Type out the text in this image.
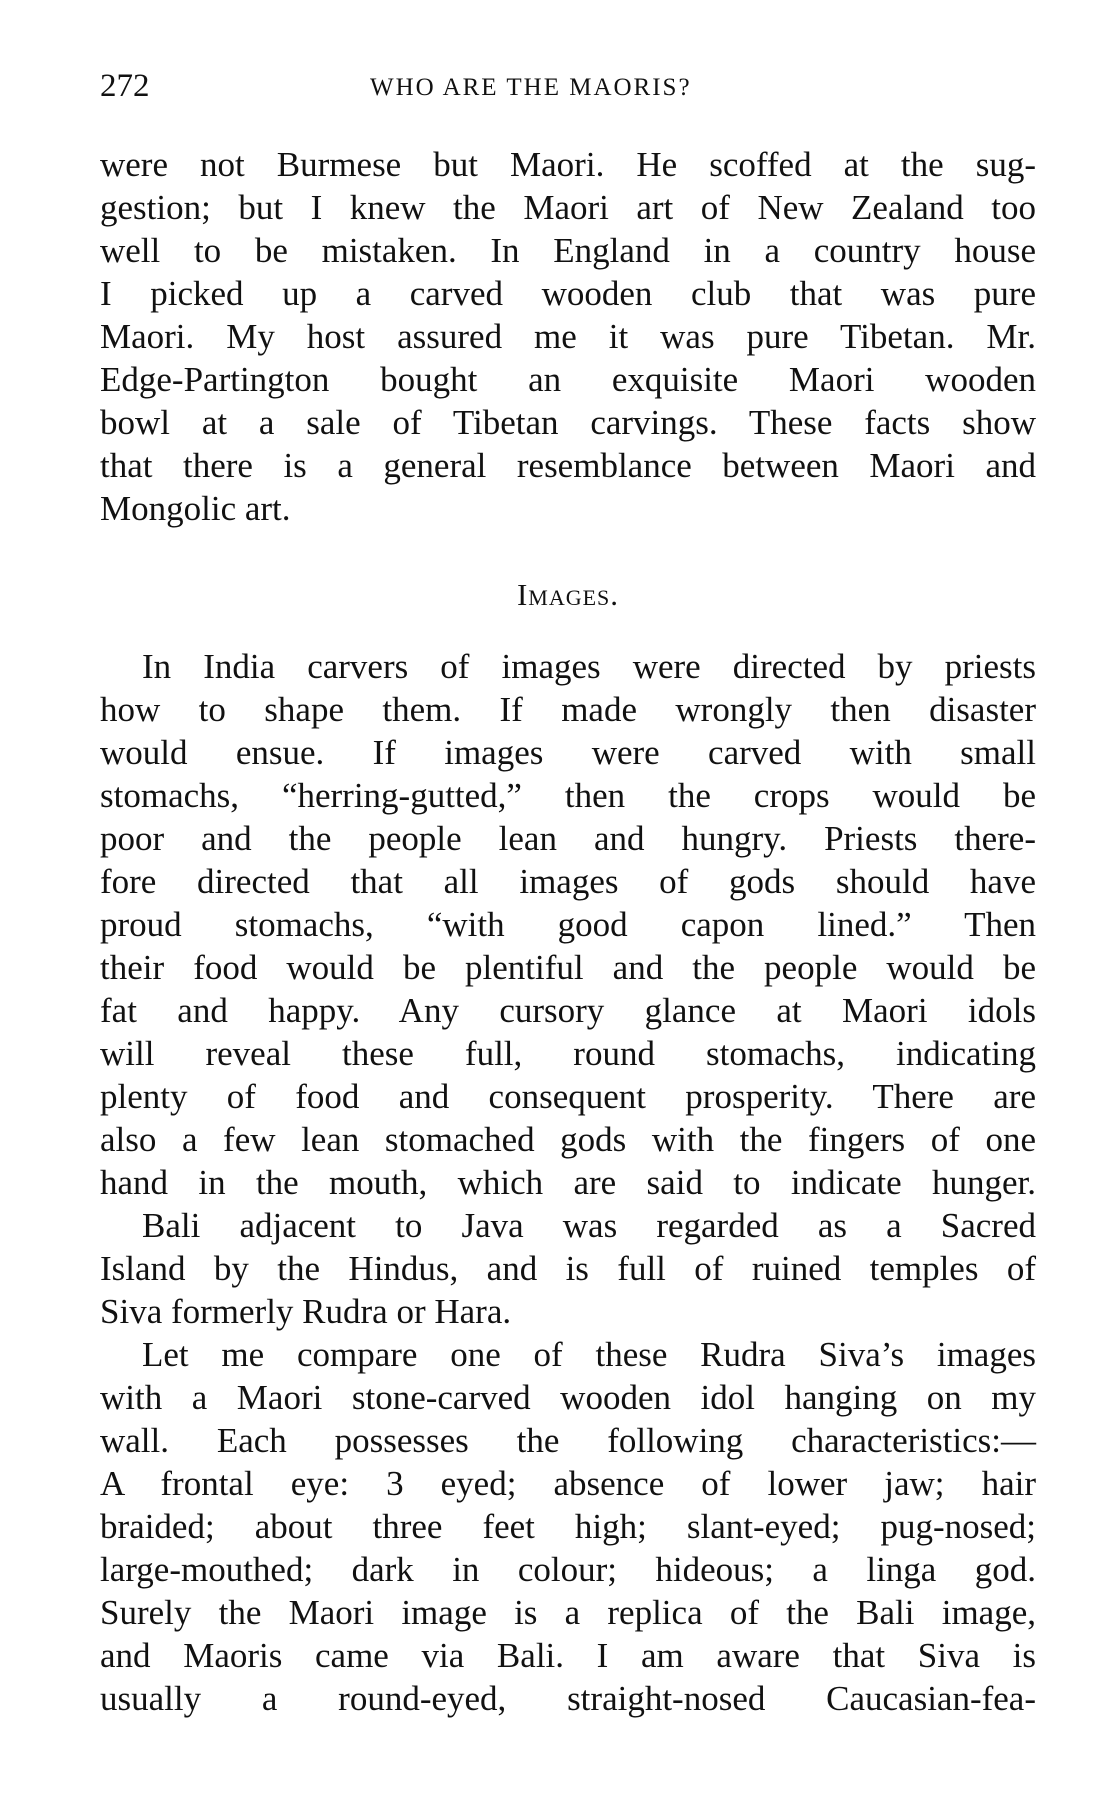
272	WHO ARE THE MAORIS?
were not Burmese but Maori. He scoffed at the sug-
gestion; but I knew the Maori art of New Zealand too
well to be mistaken. In England in a country house
I picked up a carved wooden club that was pure
Maori. My host assured me it was pure Tibetan. Mr.
Edge-Partington bought an exquisite Maori wooden
bowl at a sale of Tibetan carvings. These facts show
that there is a general resemblance between Maori and
Mongolic art.
Images.
In India carvers of images were directed by priests
how to shape them. If made wrongly then disaster
would ensue. If images were carved with small
stomachs, “herring-gutted,” then the crops would be
poor and the people lean and hungry. Priests there-
fore directed that all images of gods should have
proud stomachs, “with good capon lined.” Then
their food would be plentiful and the people would be
fat and happy. Any cursory glance at Maori idols
will reveal these full, round stomachs, indicating
plenty of food and consequent prosperity. There are
also a few lean stomached gods with the fingers of one
hand in the mouth, which are said to indicate hunger.
Bali adjacent to Java was regarded as a Sacred
Island by the Hindus, and is full of ruined temples of
Siva formerly Rudra or Hara.
Let me compare one of these Rudra Siva’s images
with a Maori stone-carved wooden idol hanging on my
wall. Each possesses the following characteristics:—
A frontal eye: 3 eyed; absence of lower jaw; hair
braided; about three feet high; slant-eyed; pug-nosed;
large-mouthed; dark in colour; hideous; a linga god.
Surely the Maori image is a replica of the Bali image,
and Maoris came via Bali. I am aware that Siva is
usually a round-eyed, straight-nosed Caucasian-fea-
